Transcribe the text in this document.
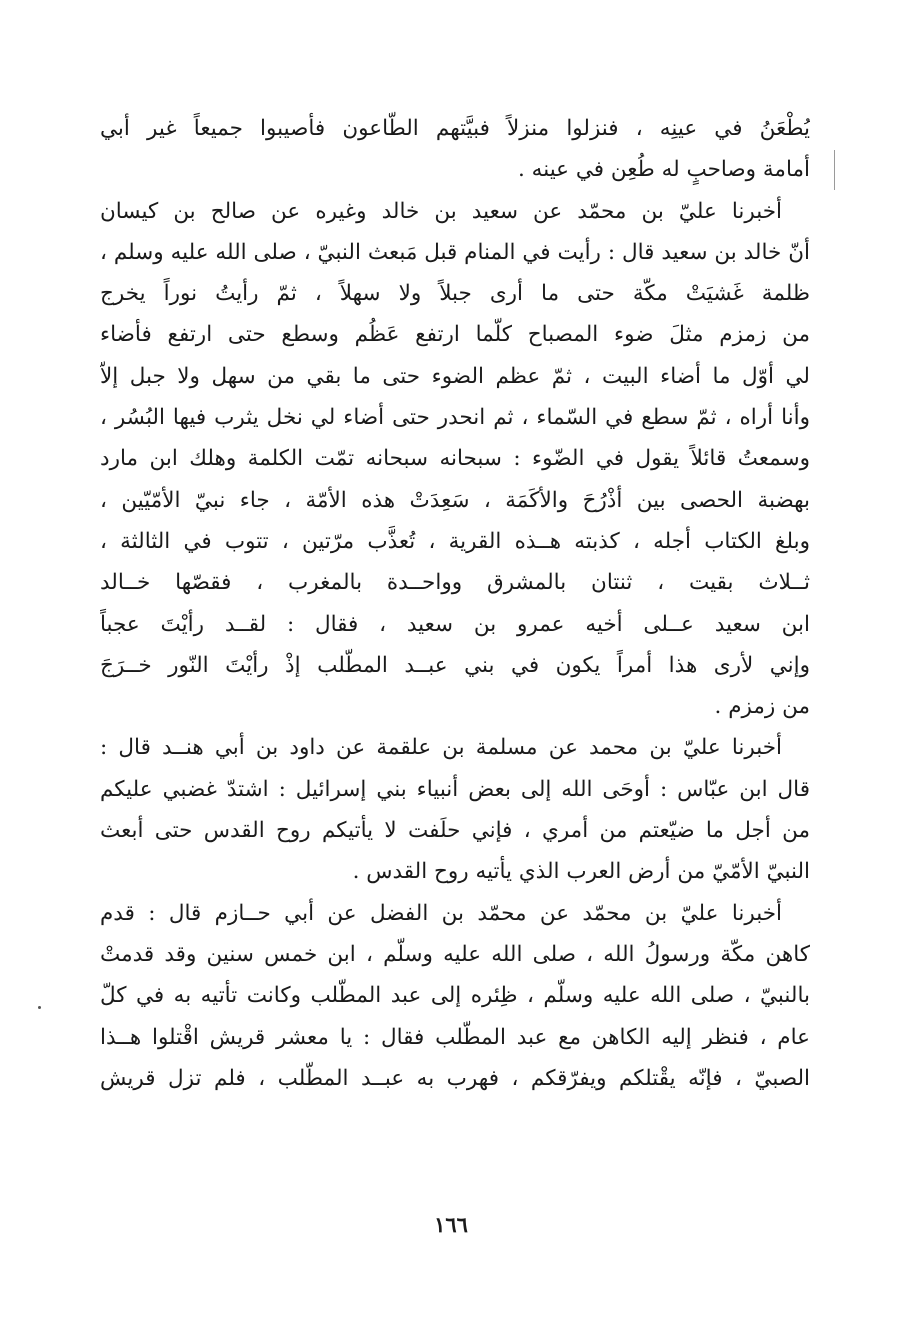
يُطْعَنُ في عينِه ، فنزلوا منزلاً فبيَّتهم الطّاعون فأصيبوا جميعاً غير أبي
أمامة وصاحبٍ له طُعِن في عينه .
أخبرنا عليّ بن محمّد عن سعيد بن خالد وغيره عن صالح بن كيسان
أنّ خالد بن سعيد قال : رأيت في المنام قبل مَبعث النبيّ ، صلى الله عليه وسلم ،
ظلمة غَشيَتْ مكّة حتى ما أرى جبلاً ولا سهلاً ، ثمّ رأيتُ نوراً يخرج
من زمزم مثلَ ضوء المصباح كلّما ارتفع عَظُم وسطع حتى ارتفع فأضاء
لي أوّل ما أضاء البيت ، ثمّ عظم الضوء حتى ما بقي من سهل ولا جبل إلاّ
وأنا أراه ، ثمّ سطع في السّماء ، ثم انحدر حتى أضاء لي نخل يثرب فيها البُسُر ،
وسمعتُ قائلاً يقول في الضّوء : سبحانه سبحانه تمّت الكلمة وهلك ابن مارد
بهضبة الحصى بين أذْرُحَ والأكَمَة ، سَعِدَتْ هذه الأمّة ، جاء نبيّ الأمّيّين ،
وبلغ الكتاب أجله ، كذبته هــذه القرية ، تُعذَّب مرّتين ، تتوب في الثالثة ،
ثــلاث بقيت ، ثنتان بالمشرق وواحــدة بالمغرب ، فقصّها خــالد
ابن سعيد عــلى أخيه عمرو بن سعيد ، فقال : لقــد رأيْتَ عجباً
وإني لأرى هذا أمراً يكون في بني عبــد المطّلب إذْ رأيْتَ النّور خــرَجَ
من زمزم .
أخبرنا عليّ بن محمد عن مسلمة بن علقمة عن داود بن أبي هنــد قال :
قال ابن عبّاس : أوحَى الله إلى بعض أنبياء بني إسرائيل : اشتدّ غضبي عليكم
من أجل ما ضيّعتم من أمري ، فإني حلَفت لا يأتيكم روح القدس حتى أبعث
النبيّ الأمّيّ من أرض العرب الذي يأتيه روح القدس .
أخبرنا عليّ بن محمّد عن محمّد بن الفضل عن أبي حــازم قال : قدم
كاهن مكّة ورسولُ الله ، صلى الله عليه وسلّم ، ابن خمس سنين وقد قدمتْ
بالنبيّ ، صلى الله عليه وسلّم ، ظِئره إلى عبد المطّلب وكانت تأتيه به في كلّ
عام ، فنظر إليه الكاهن مع عبد المطّلب فقال : يا معشر قريش اقْتلوا هــذا
الصبيّ ، فإنّه يقْتلكم ويفرّقكم ، فهرب به عبــد المطّلب ، فلم تزل قريش
١٦٦
